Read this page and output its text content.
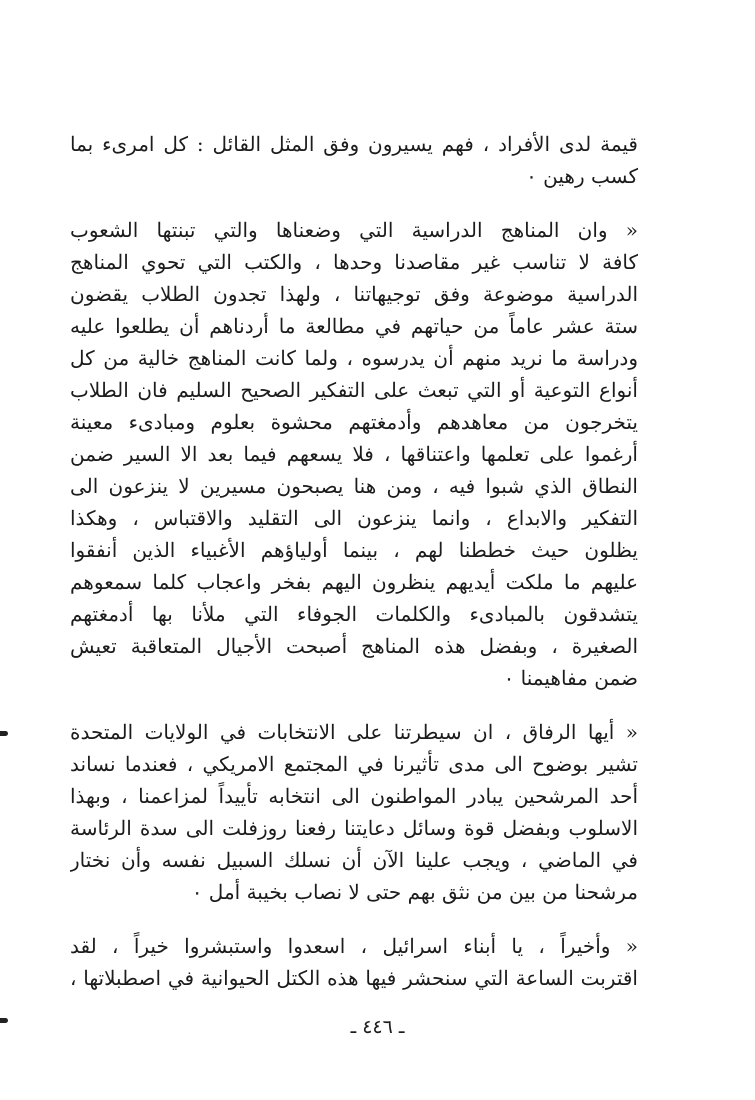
قيمة لدى الأفراد ، فهم يسيرون وفق المثل القائل : كل امرىء بما
كسب رهين ٠
« وان المناهج الدراسية التي وضعناها والتي تبنتها الشعوب
كافة لا تناسب غير مقاصدنا وحدها ، والكتب التي تحوي المناهج
الدراسية موضوعة وفق توجيهاتنا ، ولهذا تجدون الطلاب يقضون
ستة عشر عاماً من حياتهم في مطالعة ما أردناهم أن يطلعوا عليه
ودراسة ما نريد منهم أن يدرسوه ، ولما كانت المناهج خالية من كل
أنواع التوعية أو التي تبعث على التفكير الصحيح السليم فان الطلاب
يتخرجون من معاهدهم وأدمغتهم محشوة بعلوم ومبادىء معينة
أرغموا على تعلمها واعتناقها ، فلا يسعهم فيما بعد الا السير ضمن
النطاق الذي شبوا فيه ، ومن هنا يصبحون مسيرين لا ينزعون الى
التفكير والابداع ، وانما ينزعون الى التقليد والاقتباس ، وهكذا
يظلون حيث خططنا لهم ، بينما أولياؤهم الأغبياء الذين أنفقوا
عليهم ما ملكت أيديهم ينظرون اليهم بفخر واعجاب كلما سمعوهم
يتشدقون بالمبادىء والكلمات الجوفاء التي ملأنا بها أدمغتهم
الصغيرة ، وبفضل هذه المناهج أصبحت الأجيال المتعاقبة تعيش
ضمن مفاهيمنا ٠
« أيها الرفاق ، ان سيطرتنا على الانتخابات في الولايات المتحدة
تشير بوضوح الى مدى تأثيرنا في المجتمع الامريكي ، فعندما نساند
أحد المرشحين يبادر المواطنون الى انتخابه تأييداً لمزاعمنا ، وبهذا
الاسلوب وبفضل قوة وسائل دعايتنا رفعنا روزفلت الى سدة الرئاسة
في الماضي ، ويجب علينا الآن أن نسلك السبيل نفسه وأن نختار
مرشحنا من بين من نثق بهم حتى لا نصاب بخيبة أمل ٠
« وأخيراً ، يا أبناء اسرائيل ، اسعدوا واستبشروا خيراً ، لقد
اقتربت الساعة التي سنحشر فيها هذه الكتل الحيوانية في اصطبلاتها ،
ـ ٤٤٦ ـ
